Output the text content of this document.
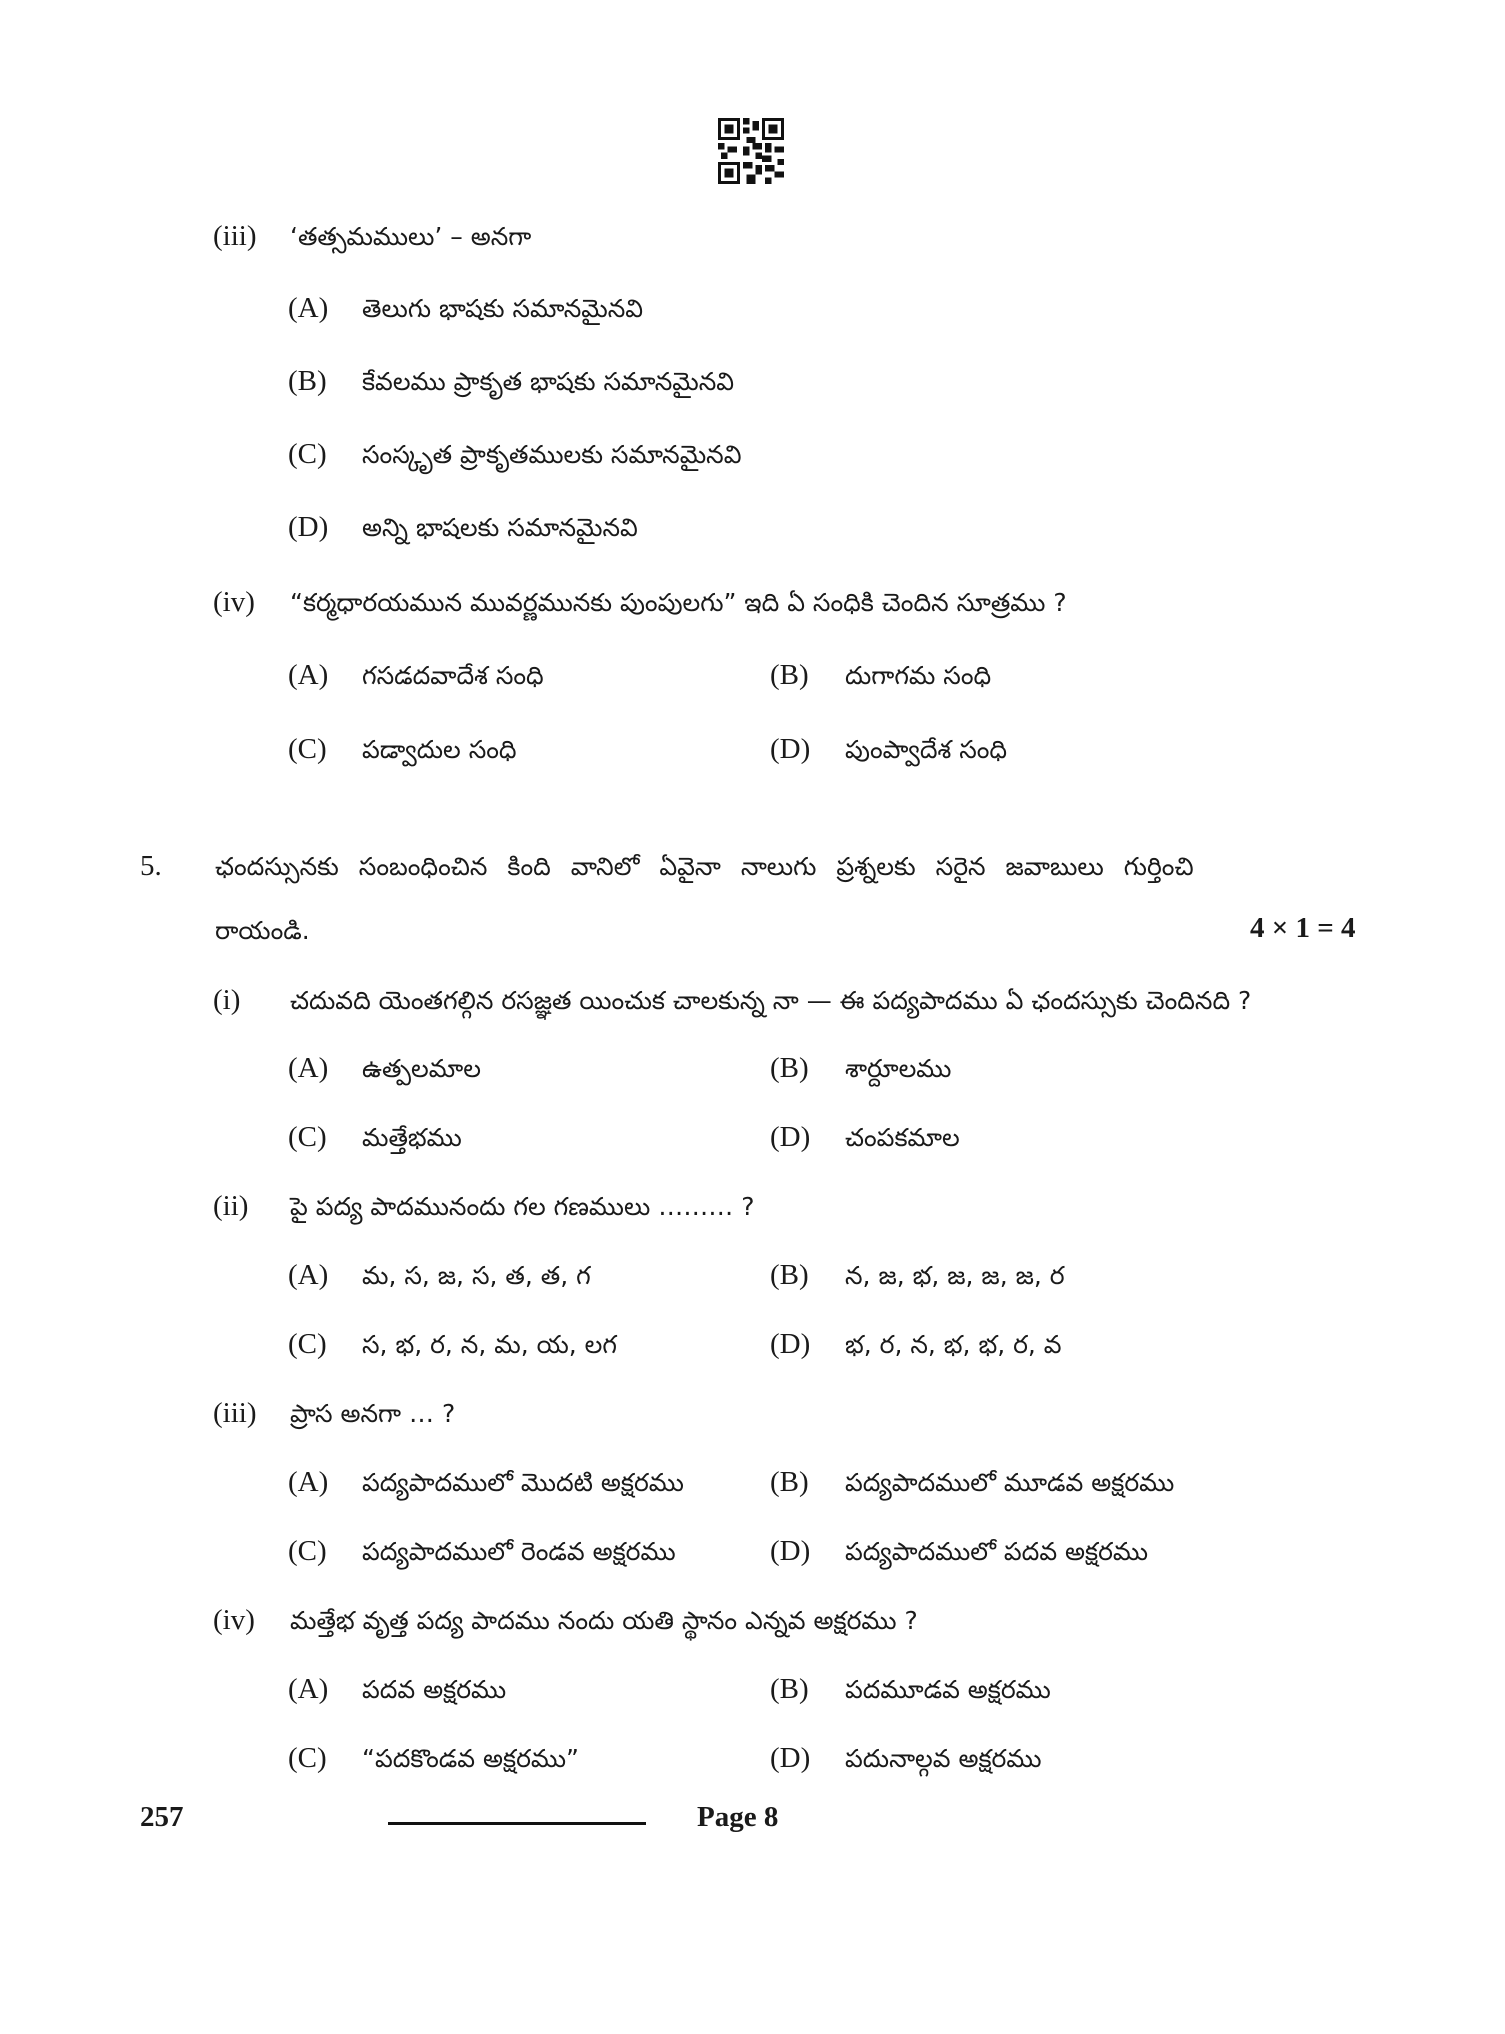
(iii) ‘తత్సమములు’ – అనగా
(A) తెలుగు భాషకు సమానమైనవి
(B) కేవలము ప్రాకృత భాషకు సమానమైనవి
(C) సంస్కృత ప్రాకృతములకు సమానమైనవి
(D) అన్ని భాషలకు సమానమైనవి
(iv) “కర్మధారయమున మువర్ణమునకు పుంపులగు” ఇది ఏ సంధికి చెందిన సూత్రము ?
(A) గసడదవాదేశ సంధి	(B) దుగాగమ సంధి
(C) పడ్వాదుల సంధి	(D) పుంప్వాదేశ సంధి
5. ఛందస్సునకు సంబంధించిన కింది వానిలో ఏవైనా నాలుగు ప్రశ్నలకు సరైన జవాబులు గుర్తించి
రాయండి.	4 × 1 = 4
(i) చదువది యెంతగల్గిన రసజ్ఞత యించుక చాలకున్న నా — ఈ పద్యపాదము ఏ ఛందస్సుకు చెందినది ?
(A) ఉత్పలమాల	(B) శార్దూలము
(C) మత్తేభము	(D) చంపకమాల
(ii) పై పద్య పాదమునందు గల గణములు ……… ?
(A) మ, స, జ, స, త, త, గ	(B) న, జ, భ, జ, జ, జ, ర
(C) స, భ, ర, న, మ, య, లగ	(D) భ, ర, న, భ, భ, ర, వ
(iii) ప్రాస అనగా … ?
(A) పద్యపాదములో మొదటి అక్షరము	(B) పద్యపాదములో మూడవ అక్షరము
(C) పద్యపాదములో రెండవ అక్షరము	(D) పద్యపాదములో పదవ అక్షరము
(iv) మత్తేభ వృత్త పద్య పాదము నందు యతి స్థానం ఎన్నవ అక్షరము ?
(A) పదవ అక్షరము	(B) పదమూడవ అక్షరము
(C) “పదకొండవ అక్షరము”	(D) పదునాల్గవ అక్షరము
257	Page 8
